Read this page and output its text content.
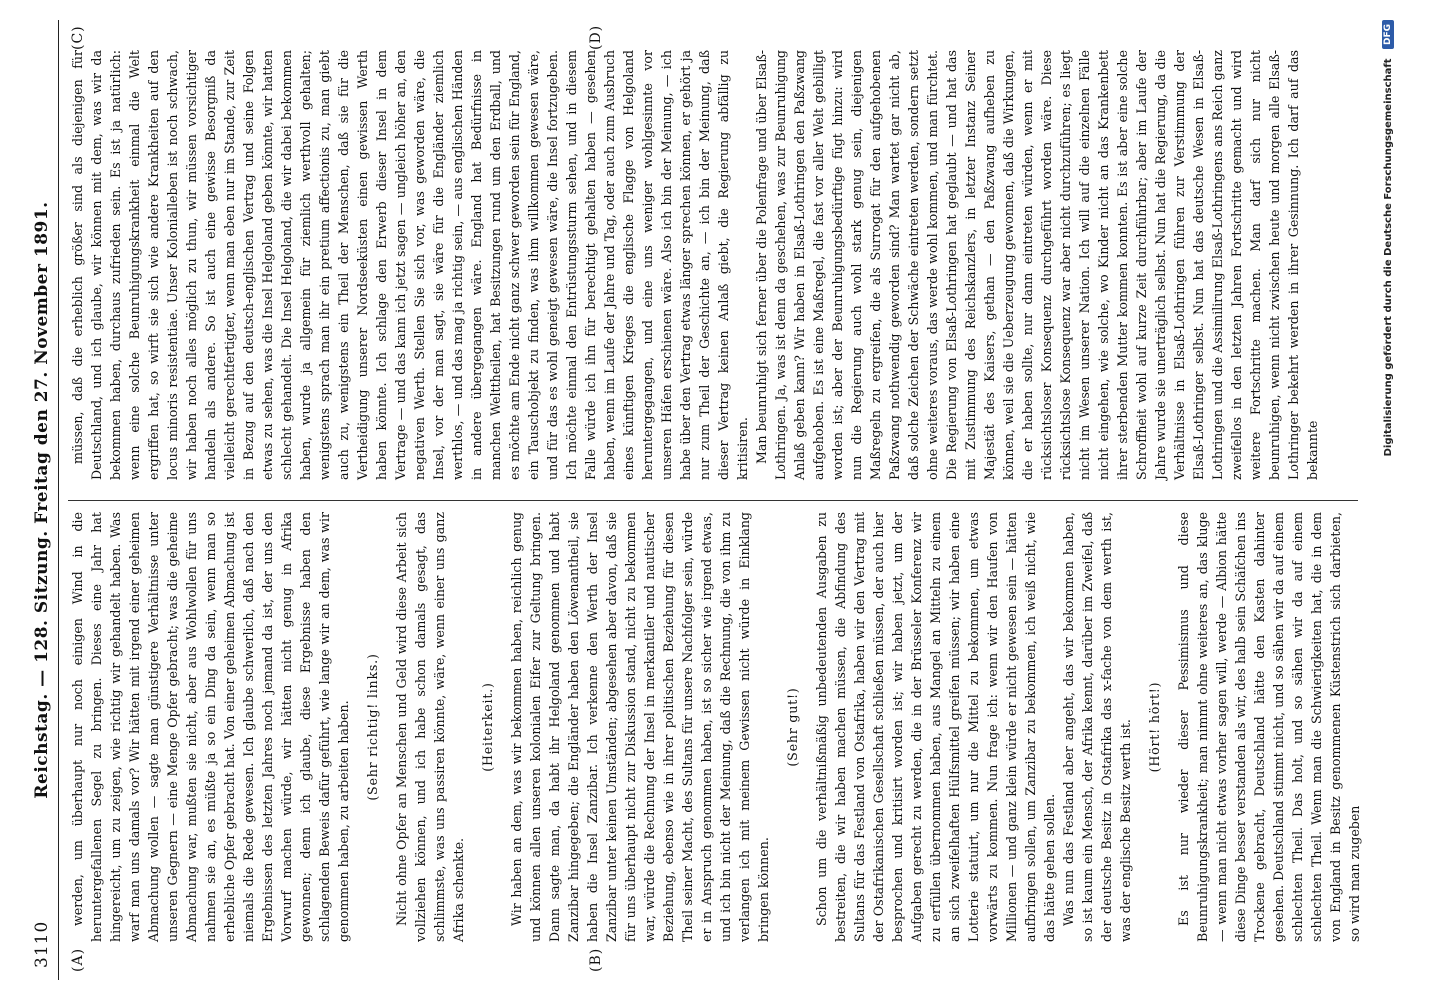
3110
Reichstag. — 128. Sitzung. Freitag den 27. November 1891.
(A)	(B)
(C)	(D)

werden, um überhaupt nur noch einigen Wind in die heruntergefallenen Segel zu bringen. Dieses eine Jahr hat hingereicht, um zu zeigen, wie richtig wir gehandelt haben. Was warf man uns damals vor? Wir hätten mit irgend einer geheimen Abmachung wollen — sagte man günstigere Verhältnisse unter unseren Gegnern — eine Menge Opfer gebracht; was die geheime Abmachung war, mußten sie nicht, aber aus Wohlwollen für uns nahmen sie an, es müßte ja so ein Ding da sein, wenn man so erhebliche Opfer gebracht hat. Von einer geheimen Abmachung ist niemals die Rede gewesen. Ich glaube schwerlich, daß nach den Ergebnissen des letzten Jahres noch jemand da ist, der uns den Vorwurf machen würde, wir hätten nicht genug in Afrika gewonnen; denn ich glaube, diese Ergebnisse haben den schlagenden Beweis dafür geführt, wie lange wir an dem, was wir genommen haben, zu arbeiten haben. (Sehr richtig! links.) Nicht ohne Opfer an Menschen und Geld wird diese Arbeit sich vollziehen können, und ich habe schon damals gesagt, das schlimmste, was uns passiren könnte, wäre, wenn einer uns ganz Afrika schenkte.

(Heiterkeit.) Wir haben an dem, was wir bekommen haben, reichlich genug und können allen unseren kolonialen Eifer zur Geltung bringen. Dann sagte man, da habt ihr Helgoland genommen und habt Zanzibar hingegeben; die Engländer haben den Löwenantheil, sie haben die Insel Zanzibar. Ich verkenne den Werth der Insel Zanzibar unter keinen Umständen; abgesehen aber davon, daß sie für uns überhaupt nicht zur Diskussion stand, nicht zu bekommen war, würde die Rechnung der Insel in merkantiler und nautischer Beziehung, ebenso wie in ihrer politischen Beziehung für diesen Theil seiner Macht, des Sultans für unsere Nachfolger sein, würde er in Anspruch genommen haben, ist so sicher wie irgend etwas, und ich bin nicht der Meinung, daß die Rechnung, die von ihm zu verlangen ich mit meinem Gewissen nicht würde in Einklang bringen können.

(Sehr gut!) Schon um die verhältnißmäßig unbedeutenden Ausgaben zu bestreiten, die wir haben machen müssen, die Abfindung des Sultans für das Festland von Ostafrika, haben wir den Vertrag mit der Ostafrikanischen Gesellschaft schließen müssen, der auch hier besprochen und kritisirt worden ist; wir haben jetzt, um der Aufgaben gerecht zu werden, die in der Brüsseler Konferenz wir zu erfüllen übernommen haben, aus Mangel an Mitteln zu einem an sich zweifelhaften Hülfsmittel greifen müssen; wir haben eine Lotterie statuirt, um nur die Mittel zu bekommen, um etwas vorwärts zu kommen. Nun frage ich: wenn wir den Haufen von Millionen — und ganz klein würde er nicht gewesen sein — hätten aufbringen sollen, um Zanzibar zu bekommen, ich weiß nicht, wie das hätte gehen sollen. Was nun das Festland aber angeht, das wir bekommen haben, so ist kaum ein Mensch, der Afrika kennt, darüber im Zweifel, daß der deutsche Besitz in Ostafrika das x-fache von dem werth ist, was der englische Besitz werth ist. (Hört! hört!) Es ist nur wieder dieser Pessimismus und diese Beunruhigungskrankheit; man nimmt ohne weiteres an, das kluge — wenn man nicht etwas vorher sagen will, werde — Albion hätte diese Dinge besser verstanden als wir, des halb sein Schäfchen ins Trockene gebracht, Deutschland hätte den Kasten dahinter gesehen. Deutschland stimmt nicht, und so sähen wir da auf einem schlechten Theil. Das holt, und so sähen wir da auf einem schlechten Theil. Wenn man die Schwierigkeiten hat, die in dem von England in Besitz genommenen Küstenstrich sich darbieten, so wird man zugeben

müssen, daß die erheblich größer sind als diejenigen für Deutschland, und ich glaube, wir können mit dem, was wir da bekommen haben, durchaus zufrieden sein. Es ist ja natürlich: wenn eine solche Beunruhigungskrankheit einmal die Welt ergriffen hat, so wirft sie sich wie andere Krankheiten auf den locus minoris resistentiae. Unser Kolonialleben ist noch schwach, wir haben noch alles möglich zu thun, wir müssen vorsichtiger handeln als andere. So ist auch eine gewisse Besorgniß da vielleicht gerechtfertigter, wenn man eben nur im Stande, zur Zeit in Bezug auf den deutsch-englischen Vertrag und seine Folgen etwas zu sehen, was die Insel Helgoland geben könnte, wir hatten schlecht gehandelt. Die Insel Helgoland, die wir dabei bekommen haben, wurde ja allgemein für ziemlich werthvoll gehalten; wenigstens sprach man ihr ein pretium affectionis zu, man giebt auch zu, wenigstens ein Theil der Menschen, daß sie für die Vertheidigung unserer Nordseeküsten einen gewissen Werth haben könnte. Ich schlage den Erwerb dieser Insel in dem Vertrage — und das kann ich jetzt sagen — ungleich höher an, den negativen Werth. Stellen Sie sich vor, was geworden wäre, die Insel, vor der man sagt, sie wäre für die Engländer ziemlich werthlos, — und das mag ja richtig sein, — aus englischen Händen in andere übergegangen wäre. England hat Bedürfnisse in manchen Welttheilen, hat Besitzungen rund um den Erdball, und es möchte am Ende nicht ganz schwer geworden sein für England, ein Tauschobjekt zu finden, was ihm willkommen gewesen wäre, und für das es wohl geneigt gewesen wäre, die Insel fortzugeben. Ich möchte einmal den Entrüstungssturm sehen, und in diesem Falle würde ich ihn für berechtigt gehalten haben — gesehen haben, wenn im Laufe der Jahre und Tag, oder auch zum Ausbruch eines künftigen Krieges die englische Flagge von Helgoland heruntergegangen, und eine uns weniger wohlgesinnte vor unseren Häfen erschienen wäre. Also ich bin der Meinung, — ich habe über den Vertrag etwas länger sprechen können, er gehört ja nur zum Theil der Geschichte an, — ich bin der Meinung, daß dieser Vertrag keinen Anlaß giebt, die Regierung abfällig zu kritisiren. Man beunruhigt sich ferner über die Polenfrage und über Elsaß-Lothringen. Ja, was ist denn da geschehen, was zur Beunruhigung Anlaß geben kann? Wir haben in Elsaß-Lothringen den Paßzwang aufgehoben. Es ist eine Maßregel, die fast vor aller Welt gebilligt worden ist; aber der Beunruhigungsbedürftige fügt hinzu: wird nun die Regierung auch wohl stark genug sein, diejenigen Maßregeln zu ergreifen, die als Surrogat für den aufgehobenen Paßzwang nothwendig geworden sind? Man wartet gar nicht ab, daß solche Zeichen der Schwäche eintreten werden, sondern setzt ohne weiteres voraus, das werde wohl kommen, und man fürchtet. Die Regierung von Elsaß-Lothringen hat geglaubt — und hat das mit Zustimmung des Reichskanzlers, in letzter Instanz Seiner Majestät des Kaisers, gethan — den Paßzwang aufheben zu können, weil sie die Ueberzeugung gewonnen, daß die Wirkungen, die er haben sollte, nur dann eintreten würden, wenn er mit rücksichtsloser Konsequenz durchgeführt worden wäre. Diese rücksichtslose Konsequenz war aber nicht durchzuführen; es liegt nicht im Wesen unserer Nation. Ich will auf die einzelnen Fälle nicht eingehen, wie solche, wo Kinder nicht an das Krankenbett ihrer sterbenden Mutter kommen konnten. Es ist aber eine solche Schroffheit wohl auf kurze Zeit durchführbar; aber im Laufe der Jahre wurde sie unerträglich selbst. Nun hat die Regierung, da die Verhältnisse in Elsaß-Lothringen führen zur Verstimmung der Elsaß-Lothringer selbst. Nun hat das deutsche Wesen in Elsaß-Lothringen und die Assimilirung Elsaß-Lothringens ans Reich ganz zweifellos in den letzten Jahren Fortschritte gemacht und wird weitere Fortschritte machen. Man darf sich nur nicht beunruhigen, wenn nicht zwischen heute und morgen alle Elsaß-Lothringer bekehrt werden in ihrer Gesinnung. Ich darf auf das bekannte	Digitalisierung gefördert durch die Deutsche Forschungsgemeinschaft DFG
